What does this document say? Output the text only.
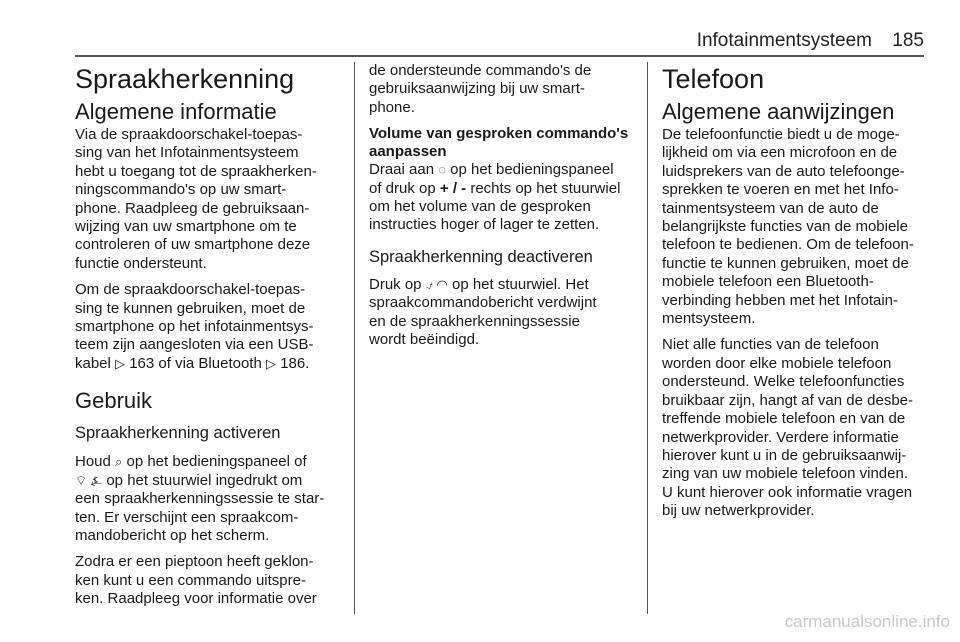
Infotainmentsysteem 185
Spraakherkenning
Algemene informatie

Via de spraakdoorschakel-toepas-
sing van het Infotainmentsysteem
hebt u toegang tot de spraakherken-
ningscommando's op uw smart-
phone. Raadpleeg de gebruiksaan-
wijzing van uw smartphone om te
controleren of uw smartphone deze
functie ondersteunt.

Om de spraakdoorschakel-toepas-
sing te kunnen gebruiken, moet de
smartphone op het infotainmentsys-
teem zijn aangesloten via een USB-
kabel ▷ 163 of via Bluetooth ▷ 186.

Gebruik
Spraakherkenning activeren

Houd ⌕ op het bedieningspaneel of
⌔ ⍼ op het stuurwiel ingedrukt om
een spraakherkenningssessie te star-
ten. Er verschijnt een spraakcom-
mandobericht op het scherm.

Zodra er een pieptoon heeft geklon-
ken kunt u een commando uitspre-
ken. Raadpleeg voor informatie over

de ondersteunde commando's de
gebruiksaanwijzing bij uw smart-
phone.

Volume van gesproken commando's
aanpassen

Draai aan ◌ op het bedieningspaneel
of druk op + / - rechts op het stuurwiel
om het volume van de gesproken
instructies hoger of lager te zetten.

Spraakherkenning deactiveren

Druk op ⍻ ◠ op het stuurwiel. Het
spraakcommandobericht verdwijnt
en de spraakherkenningssessie
wordt beëindigd.

Telefoon
Algemene aanwijzingen

De telefoonfunctie biedt u de moge-
lijkheid om via een microfoon en de
luidsprekers van de auto telefoonge-
sprekken te voeren en met het Info-
tainmentsysteem van de auto de
belangrijkste functies van de mobiele
telefoon te bedienen. Om de telefoon-
functie te kunnen gebruiken, moet de
mobiele telefoon een Bluetooth-
verbinding hebben met het Infotain-
mentsysteem.

Niet alle functies van de telefoon
worden door elke mobiele telefoon
ondersteund. Welke telefoonfuncties
bruikbaar zijn, hangt af van de desbe-
treffende mobiele telefoon en van de
netwerkprovider. Verdere informatie
hierover kunt u in de gebruiksaanwij-
zing van uw mobiele telefoon vinden.
U kunt hierover ook informatie vragen
bij uw netwerkprovider.

carmanualsonline.info
